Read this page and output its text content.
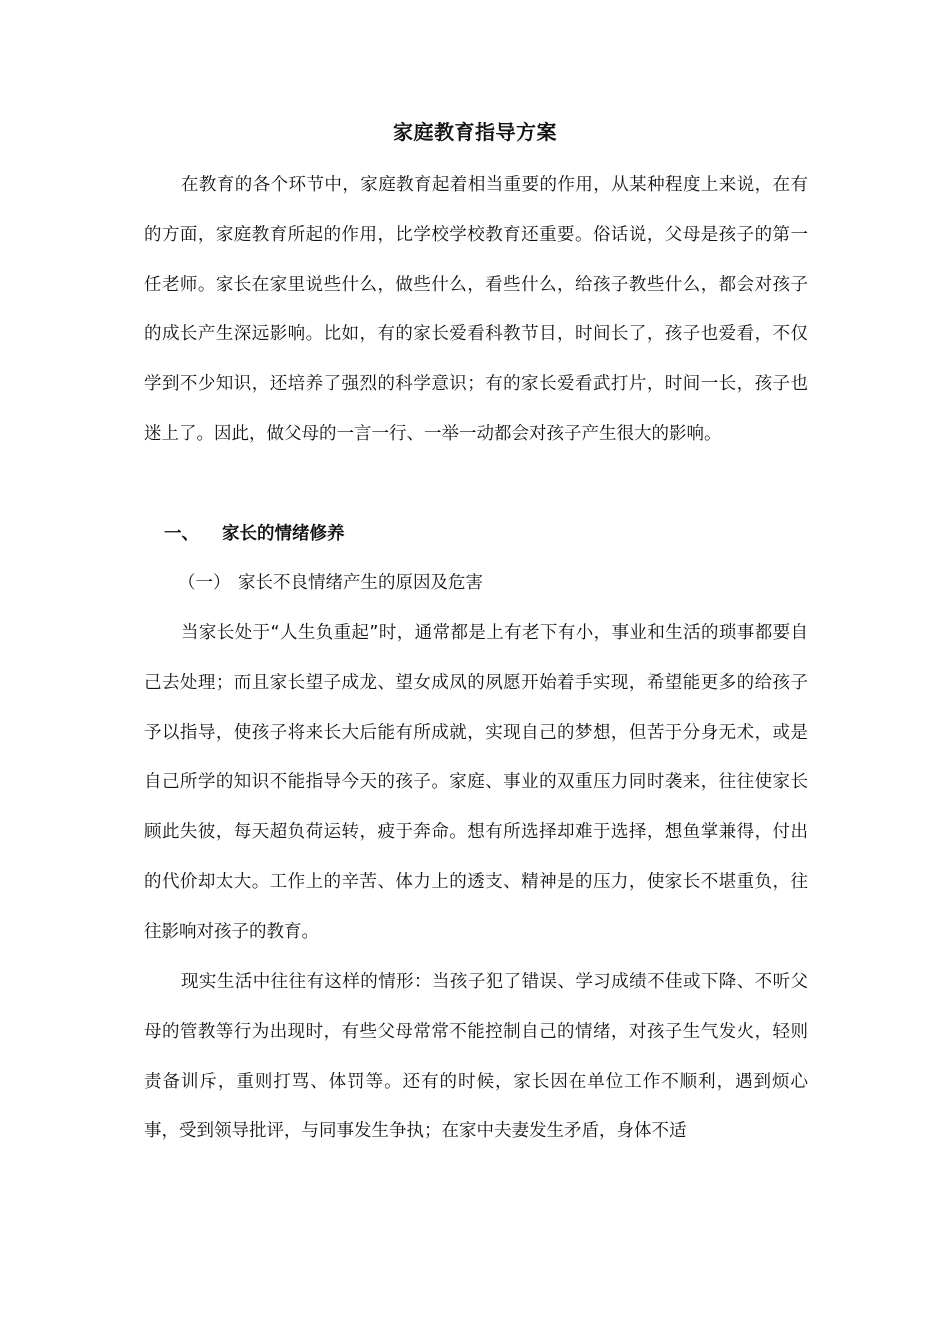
家庭教育指导方案

在教育的各个环节中，家庭教育起着相当重要的作用，从某种程度上来说，在有的方面，家庭教育所起的作用，比学校学校教育还重要。俗话说，父母是孩子的第一任老师。家长在家里说些什么，做些什么，看些什么，给孩子教些什么，都会对孩子的成长产生深远影响。比如，有的家长爱看科教节目，时间长了，孩子也爱看，不仅学到不少知识，还培养了强烈的科学意识；有的家长爱看武打片，时间一长，孩子也迷上了。因此，做父母的一言一行、一举一动都会对孩子产生很大的影响。

一、 家长的情绪修养
（一） 家长不良情绪产生的原因及危害

当家长处于“人生负重起”时，通常都是上有老下有小，事业和生活的琐事都要自己去处理；而且家长望子成龙、望女成凤的夙愿开始着手实现，希望能更多的给孩子予以指导，使孩子将来长大后能有所成就，实现自己的梦想，但苦于分身无术，或是自己所学的知识不能指导今天的孩子。家庭、事业的双重压力同时袭来，往往使家长顾此失彼，每天超负荷运转，疲于奔命。想有所选择却难于选择，想鱼掌兼得，付出的代价却太大。工作上的辛苦、体力上的透支、精神是的压力，使家长不堪重负，往往影响对孩子的教育。

现实生活中往往有这样的情形：当孩子犯了错误、学习成绩不佳或下降、不听父母的管教等行为出现时，有些父母常常不能控制自己的情绪，对孩子生气发火，轻则责备训斥，重则打骂、体罚等。还有的时候，家长因在单位工作不顺利，遇到烦心事，受到领导批评，与同事发生争执；在家中夫妻发生矛盾，身体不适
